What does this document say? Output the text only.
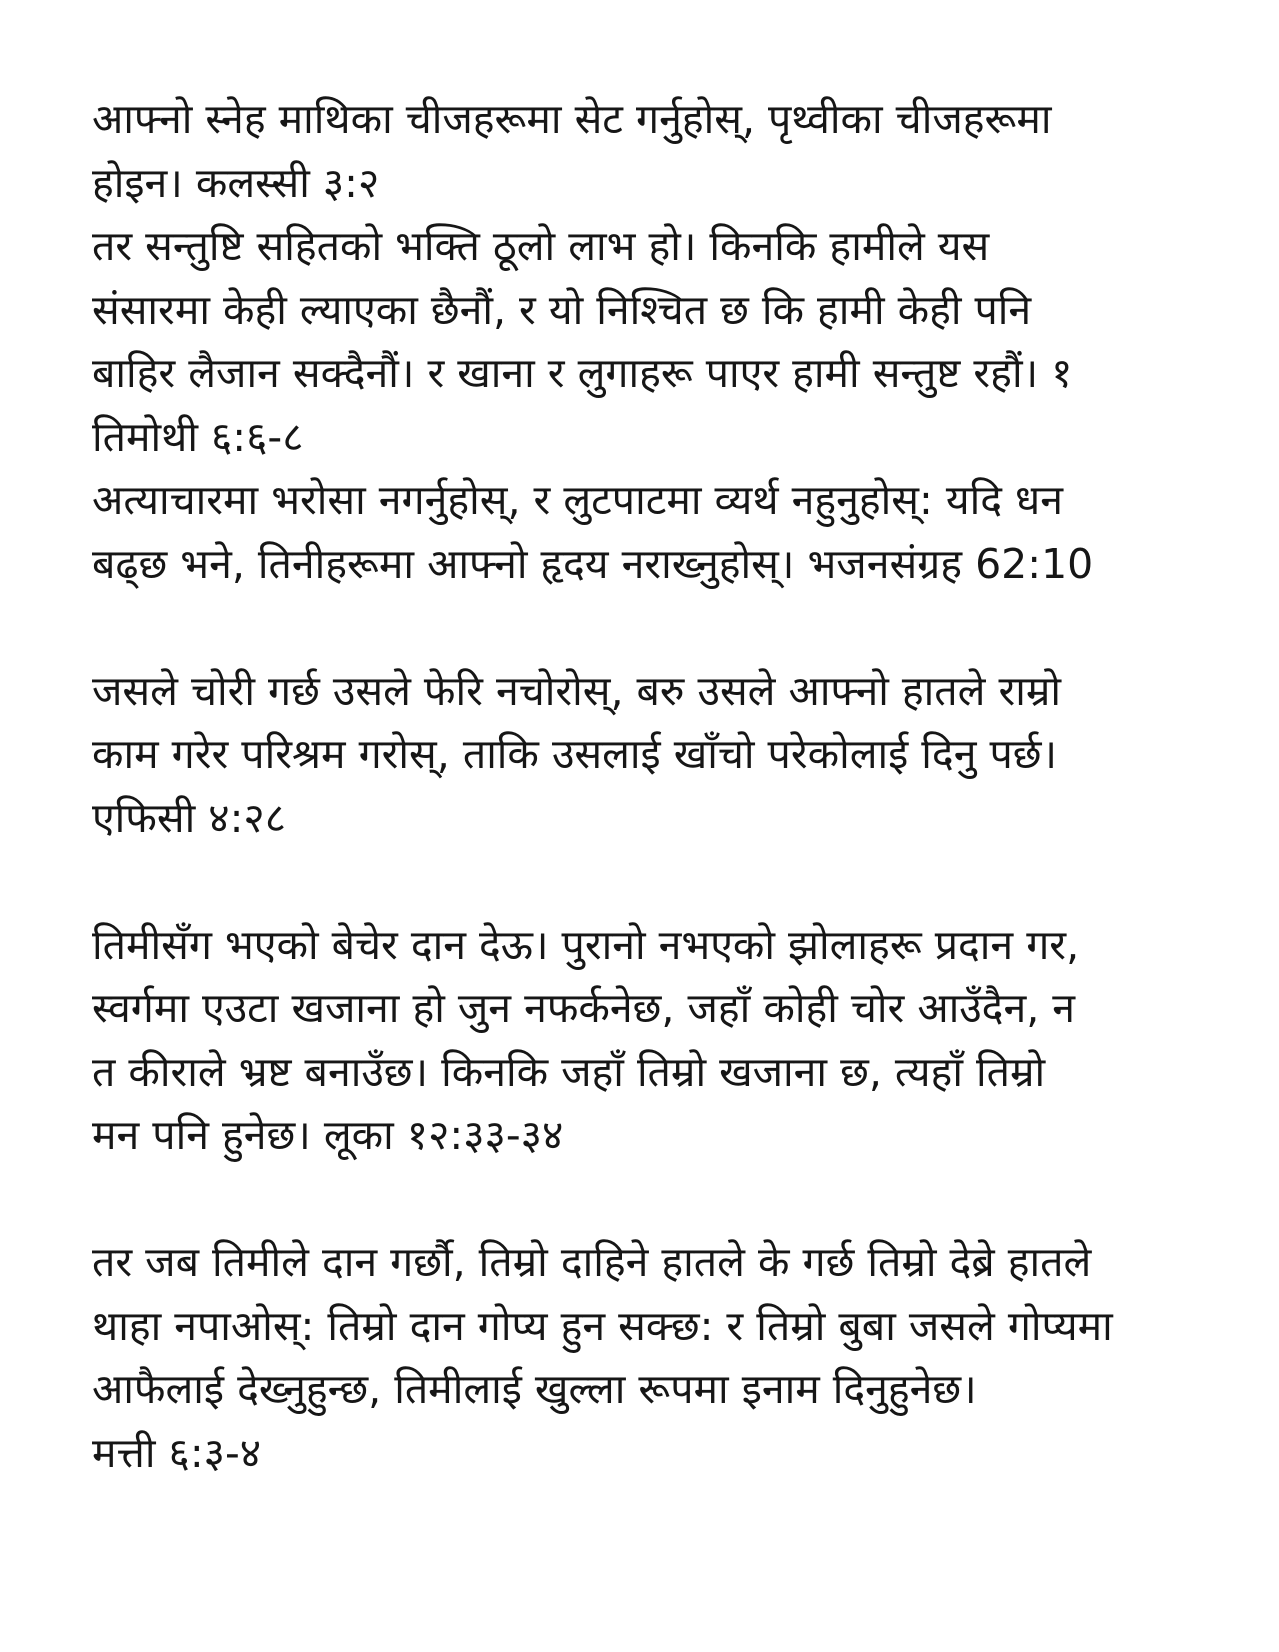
आफ्नो स्नेह माथिका चीजहरूमा सेट गर्नुहोस्, पृथ्वीका चीजहरूमा
होइन। कलस्सी ३:२
तर सन्तुष्टि सहितको भक्ति ठूलो लाभ हो। किनकि हामीले यस
संसारमा केही ल्याएका छैनौं, र यो निश्चित छ कि हामी केही पनि
बाहिर लैजान सक्दैनौं। र खाना र लुगाहरू पाएर हामी सन्तुष्ट रहौं। १
तिमोथी ६:६-८
अत्याचारमा भरोसा नगर्नुहोस्, र लुटपाटमा व्यर्थ नहुनुहोस्: यदि धन
बढ्छ भने, तिनीहरूमा आफ्नो हृदय नराख्नुहोस्। भजनसंग्रह 62:10
जसले चोरी गर्छ उसले फेरि नचोरोस्, बरु उसले आफ्नो हातले राम्रो
काम गरेर परिश्रम गरोस्, ताकि उसलाई खाँचो परेकोलाई दिनु पर्छ।
एफिसी ४:२८
तिमीसँग भएको बेचेर दान देऊ। पुरानो नभएको झोलाहरू प्रदान गर,
स्वर्गमा एउटा खजाना हो जुन नफर्कनेछ, जहाँ कोही चोर आउँदैन, न
त कीराले भ्रष्ट बनाउँछ। किनकि जहाँ तिम्रो खजाना छ, त्यहाँ तिम्रो
मन पनि हुनेछ। लूका १२:३३-३४
तर जब तिमीले दान गर्छौ, तिम्रो दाहिने हातले के गर्छ तिम्रो देब्रे हातले
थाहा नपाओस्: तिम्रो दान गोप्य हुन सक्छ: र तिम्रो बुबा जसले गोप्यमा
आफैलाई देख्नुहुन्छ, तिमीलाई खुल्ला रूपमा इनाम दिनुहुनेछ।
मत्ती ६:३-४
